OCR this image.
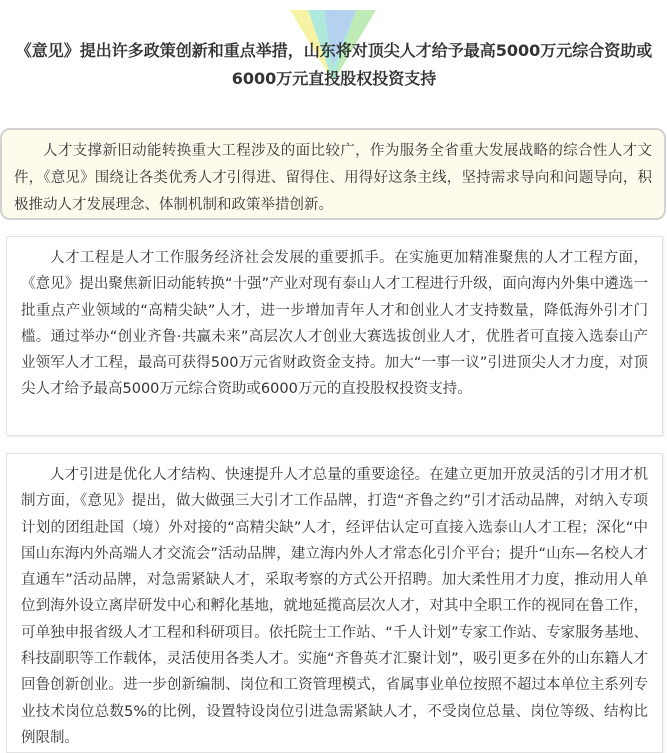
《意见》提出许多政策创新和重点举措，山东将对顶尖人才给予最高5000万元综合资助或6000万元直投股权投资支持

人才支撑新旧动能转换重大工程涉及的面比较广，作为服务全省重大发展战略的综合性人才文件，《意见》围绕让各类优秀人才引得进、留得住、用得好这条主线，坚持需求导向和问题导向，积极推动人才发展理念、体制机制和政策举措创新。

人才工程是人才工作服务经济社会发展的重要抓手。在实施更加精准聚焦的人才工程方面，《意见》提出聚焦新旧动能转换“十强”产业对现有泰山人才工程进行升级，面向海内外集中遴选一批重点产业领域的“高精尖缺”人才，进一步增加青年人才和创业人才支持数量，降低海外引才门槛。通过举办“创业齐鲁·共赢未来”高层次人才创业大赛选拔创业人才，优胜者可直接入选泰山产业领军人才工程，最高可获得500万元省财政资金支持。加大“一事一议”引进顶尖人才力度，对顶尖人才给予最高5000万元综合资助或6000万元的直投股权投资支持。

人才引进是优化人才结构、快速提升人才总量的重要途径。在建立更加开放灵活的引才用才机制方面，《意见》提出，做大做强三大引才工作品牌，打造“齐鲁之约”引才活动品牌，对纳入专项计划的团组赴国（境）外对接的“高精尖缺”人才，经评估认定可直接入选泰山人才工程；深化“中国山东海内外高端人才交流会”活动品牌，建立海内外人才常态化引介平台；提升“山东—名校人才直通车”活动品牌，对急需紧缺人才，采取考察的方式公开招聘。加大柔性用才力度，推动用人单位到海外设立离岸研发中心和孵化基地，就地延揽高层次人才，对其中全职工作的视同在鲁工作，可单独申报省级人才工程和科研项目。依托院士工作站、“千人计划”专家工作站、专家服务基地、科技副职等工作载体，灵活使用各类人才。实施“齐鲁英才汇聚计划”，吸引更多在外的山东籍人才回鲁创新创业。进一步创新编制、岗位和工资管理模式，省属事业单位按照不超过本单位主系列专业技术岗位总数5%的比例，设置特设岗位引进急需紧缺人才，不受岗位总量、岗位等级、结构比例限制。
